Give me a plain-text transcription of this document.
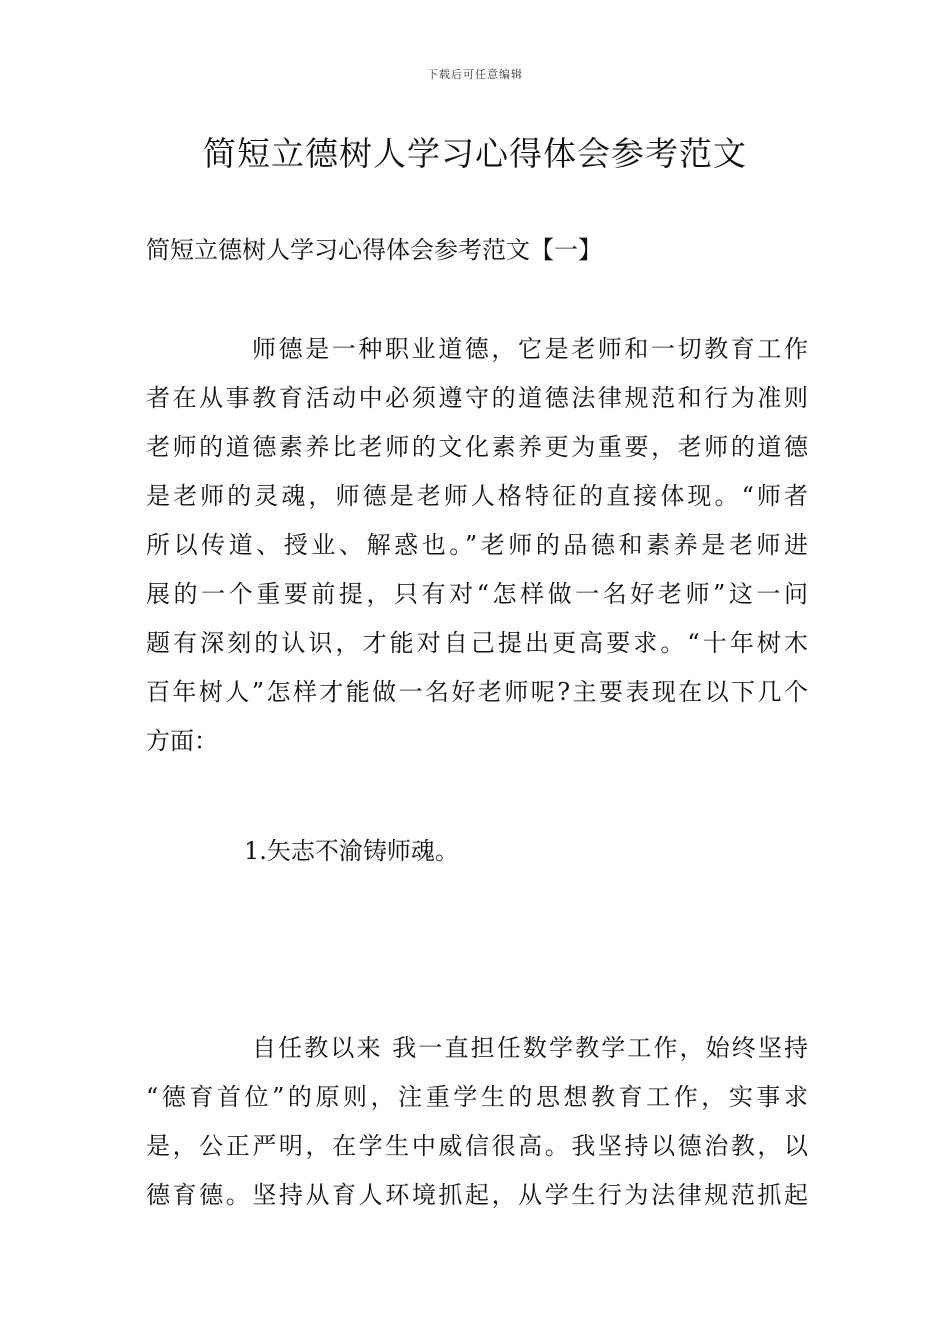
下载后可任意编辑
简短立德树人学习心得体会参考范文
简短立德树人学习心得体会参考范文【一】
师德是一种职业道德，它是老师和一切教育工作
者在从事教育活动中必须遵守的道德法律规范和行为准则
老师的道德素养比老师的文化素养更为重要，老师的道德
是老师的灵魂，师德是老师人格特征的直接体现。“师者
所以传道、授业、解惑也。”老师的品德和素养是老师进
展的一个重要前提，只有对“怎样做一名好老师”这一问
题有深刻的认识，才能对自己提出更高要求。“十年树木
百年树人”怎样才能做一名好老师呢?主要表现在以下几个
方面：
1.矢志不渝铸师魂。
自任教以来 我一直担任数学教学工作，始终坚持
“德育首位”的原则，注重学生的思想教育工作，实事求
是，公正严明，在学生中威信很高。我坚持以德治教，以
德育德。坚持从育人环境抓起，从学生行为法律规范抓起
